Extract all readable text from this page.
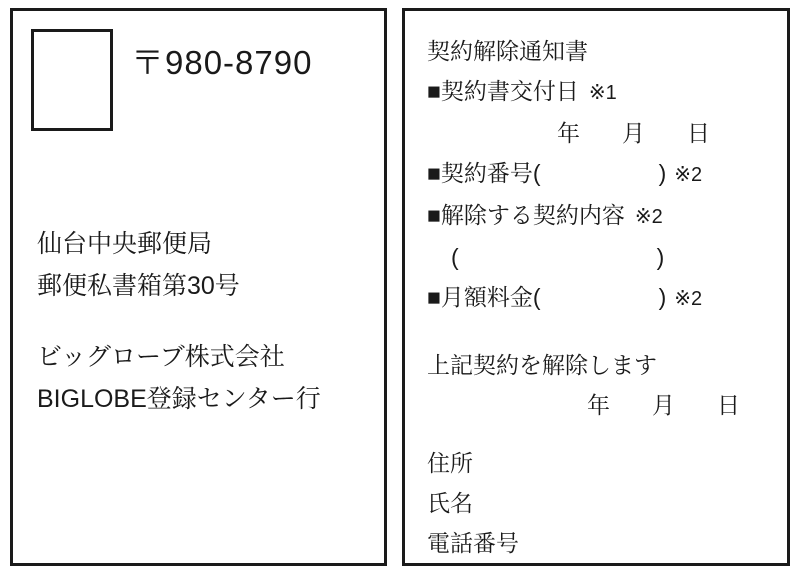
〒980-8790
仙台中央郵便局
郵便私書箱第30号
ビッグローブ株式会社
BIGLOBE登録センター行
契約解除通知書
■契約書交付日 ※1
年 月 日
■契約番号(	) ※2
■解除する契約内容 ※2
(	)
■月額料金(	) ※2
上記契約を解除します
年 月 日
住所
氏名
電話番号
